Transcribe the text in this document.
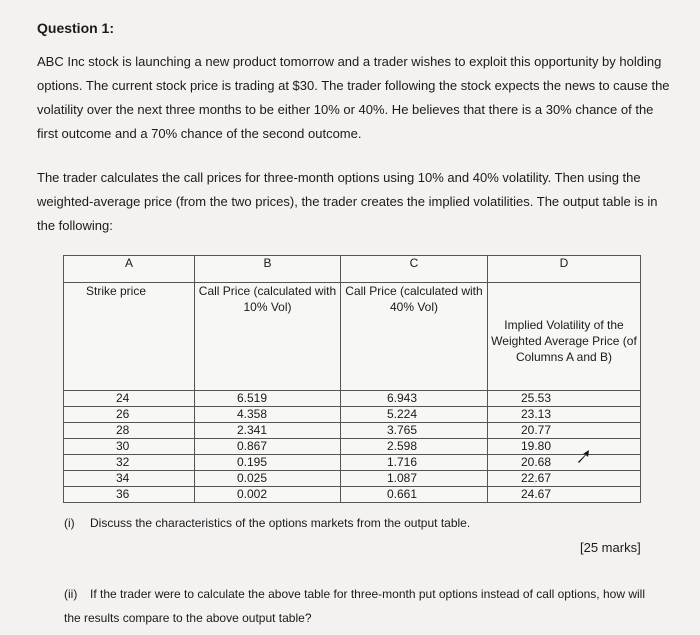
Question 1:
ABC Inc stock is launching a new product tomorrow and a trader wishes to exploit this opportunity by holding options. The current stock price is trading at $30. The trader following the stock expects the news to cause the volatility over the next three months to be either 10% or 40%. He believes that there is a 30% chance of the first outcome and a 70% chance of the second outcome.
The trader calculates the call prices for three-month options using 10% and 40% volatility. Then using the weighted-average price (from the two prices), the trader creates the implied volatilities. The output table is in the following:
A	B	C	D
Strike price	Call Price (calculated with 10% Vol)	Call Price (calculated with 40% Vol)	Implied Volatility of the Weighted Average Price (of Columns A and B)
24	6.519	6.943	25.53
26	4.358	5.224	23.13
28	2.341	3.765	20.77
30	0.867	2.598	19.80
32	0.195	1.716	20.68
34	0.025	1.087	22.67
36	0.002	0.661	24.67
(i) Discuss the characteristics of the options markets from the output table.
[25 marks]
(ii) If the trader were to calculate the above table for three-month put options instead of call options, how will the results compare to the above output table?
